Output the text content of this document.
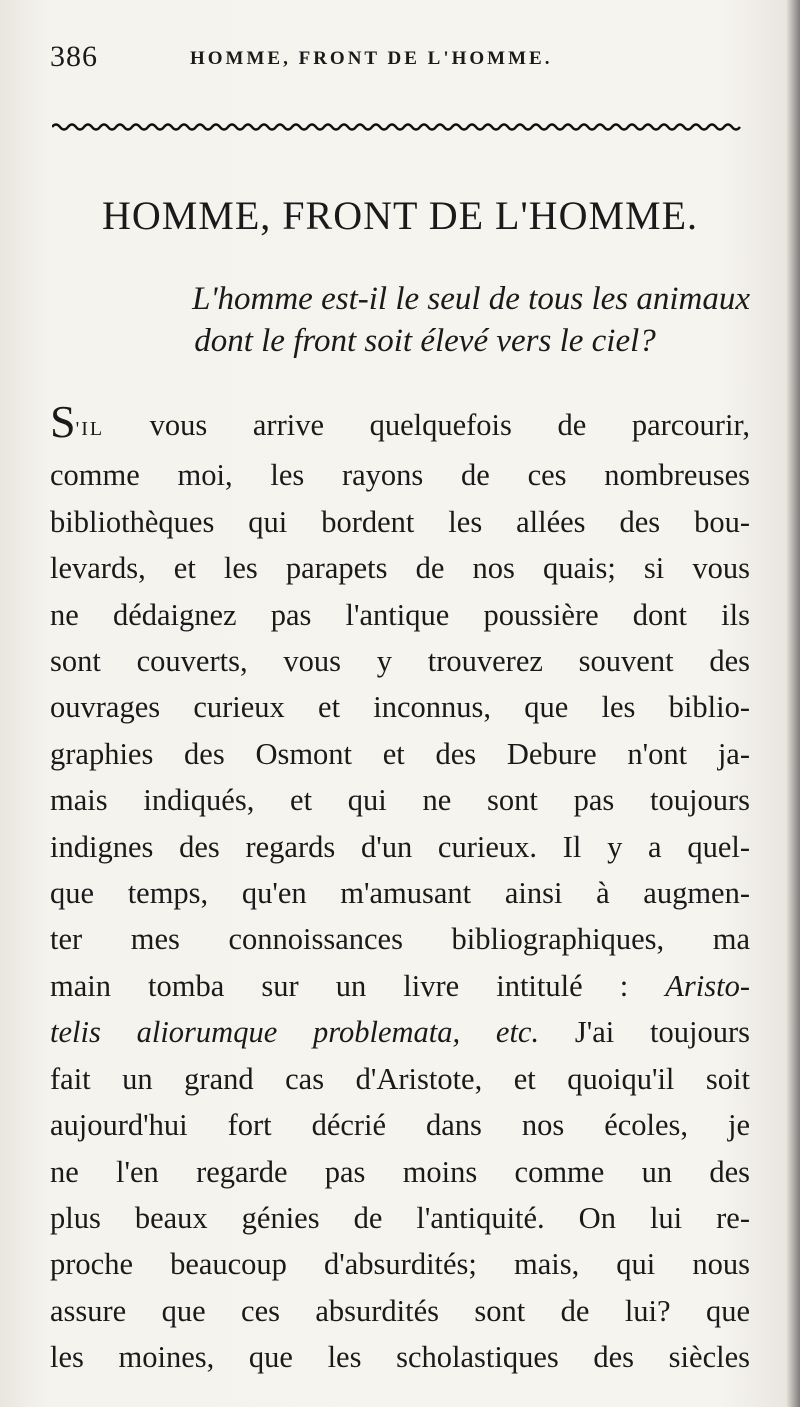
386	HOMME, FRONT DE L'HOMME.
HOMME, FRONT DE L'HOMME.
L'homme est-il le seul de tous les animaux
dont le front soit élevé vers le ciel?
S'IL vous arrive quelquefois de parcourir,
comme moi, les rayons de ces nombreuses
bibliothèques qui bordent les allées des bou-
levards, et les parapets de nos quais; si vous
ne dédaignez pas l'antique poussière dont ils
sont couverts, vous y trouverez souvent des
ouvrages curieux et inconnus, que les biblio-
graphies des Osmont et des Debure n'ont ja-
mais indiqués, et qui ne sont pas toujours
indignes des regards d'un curieux. Il y a quel-
que temps, qu'en m'amusant ainsi à augmen-
ter mes connoissances bibliographiques, ma
main tomba sur un livre intitulé : Aristo-
telis aliorumque problemata, etc. J'ai toujours
fait un grand cas d'Aristote, et quoiqu'il soit
aujourd'hui fort décrié dans nos écoles, je
ne l'en regarde pas moins comme un des
plus beaux génies de l'antiquité. On lui re-
proche beaucoup d'absurdités; mais, qui nous
assure que ces absurdités sont de lui? que
les moines, que les scholastiques des siècles
